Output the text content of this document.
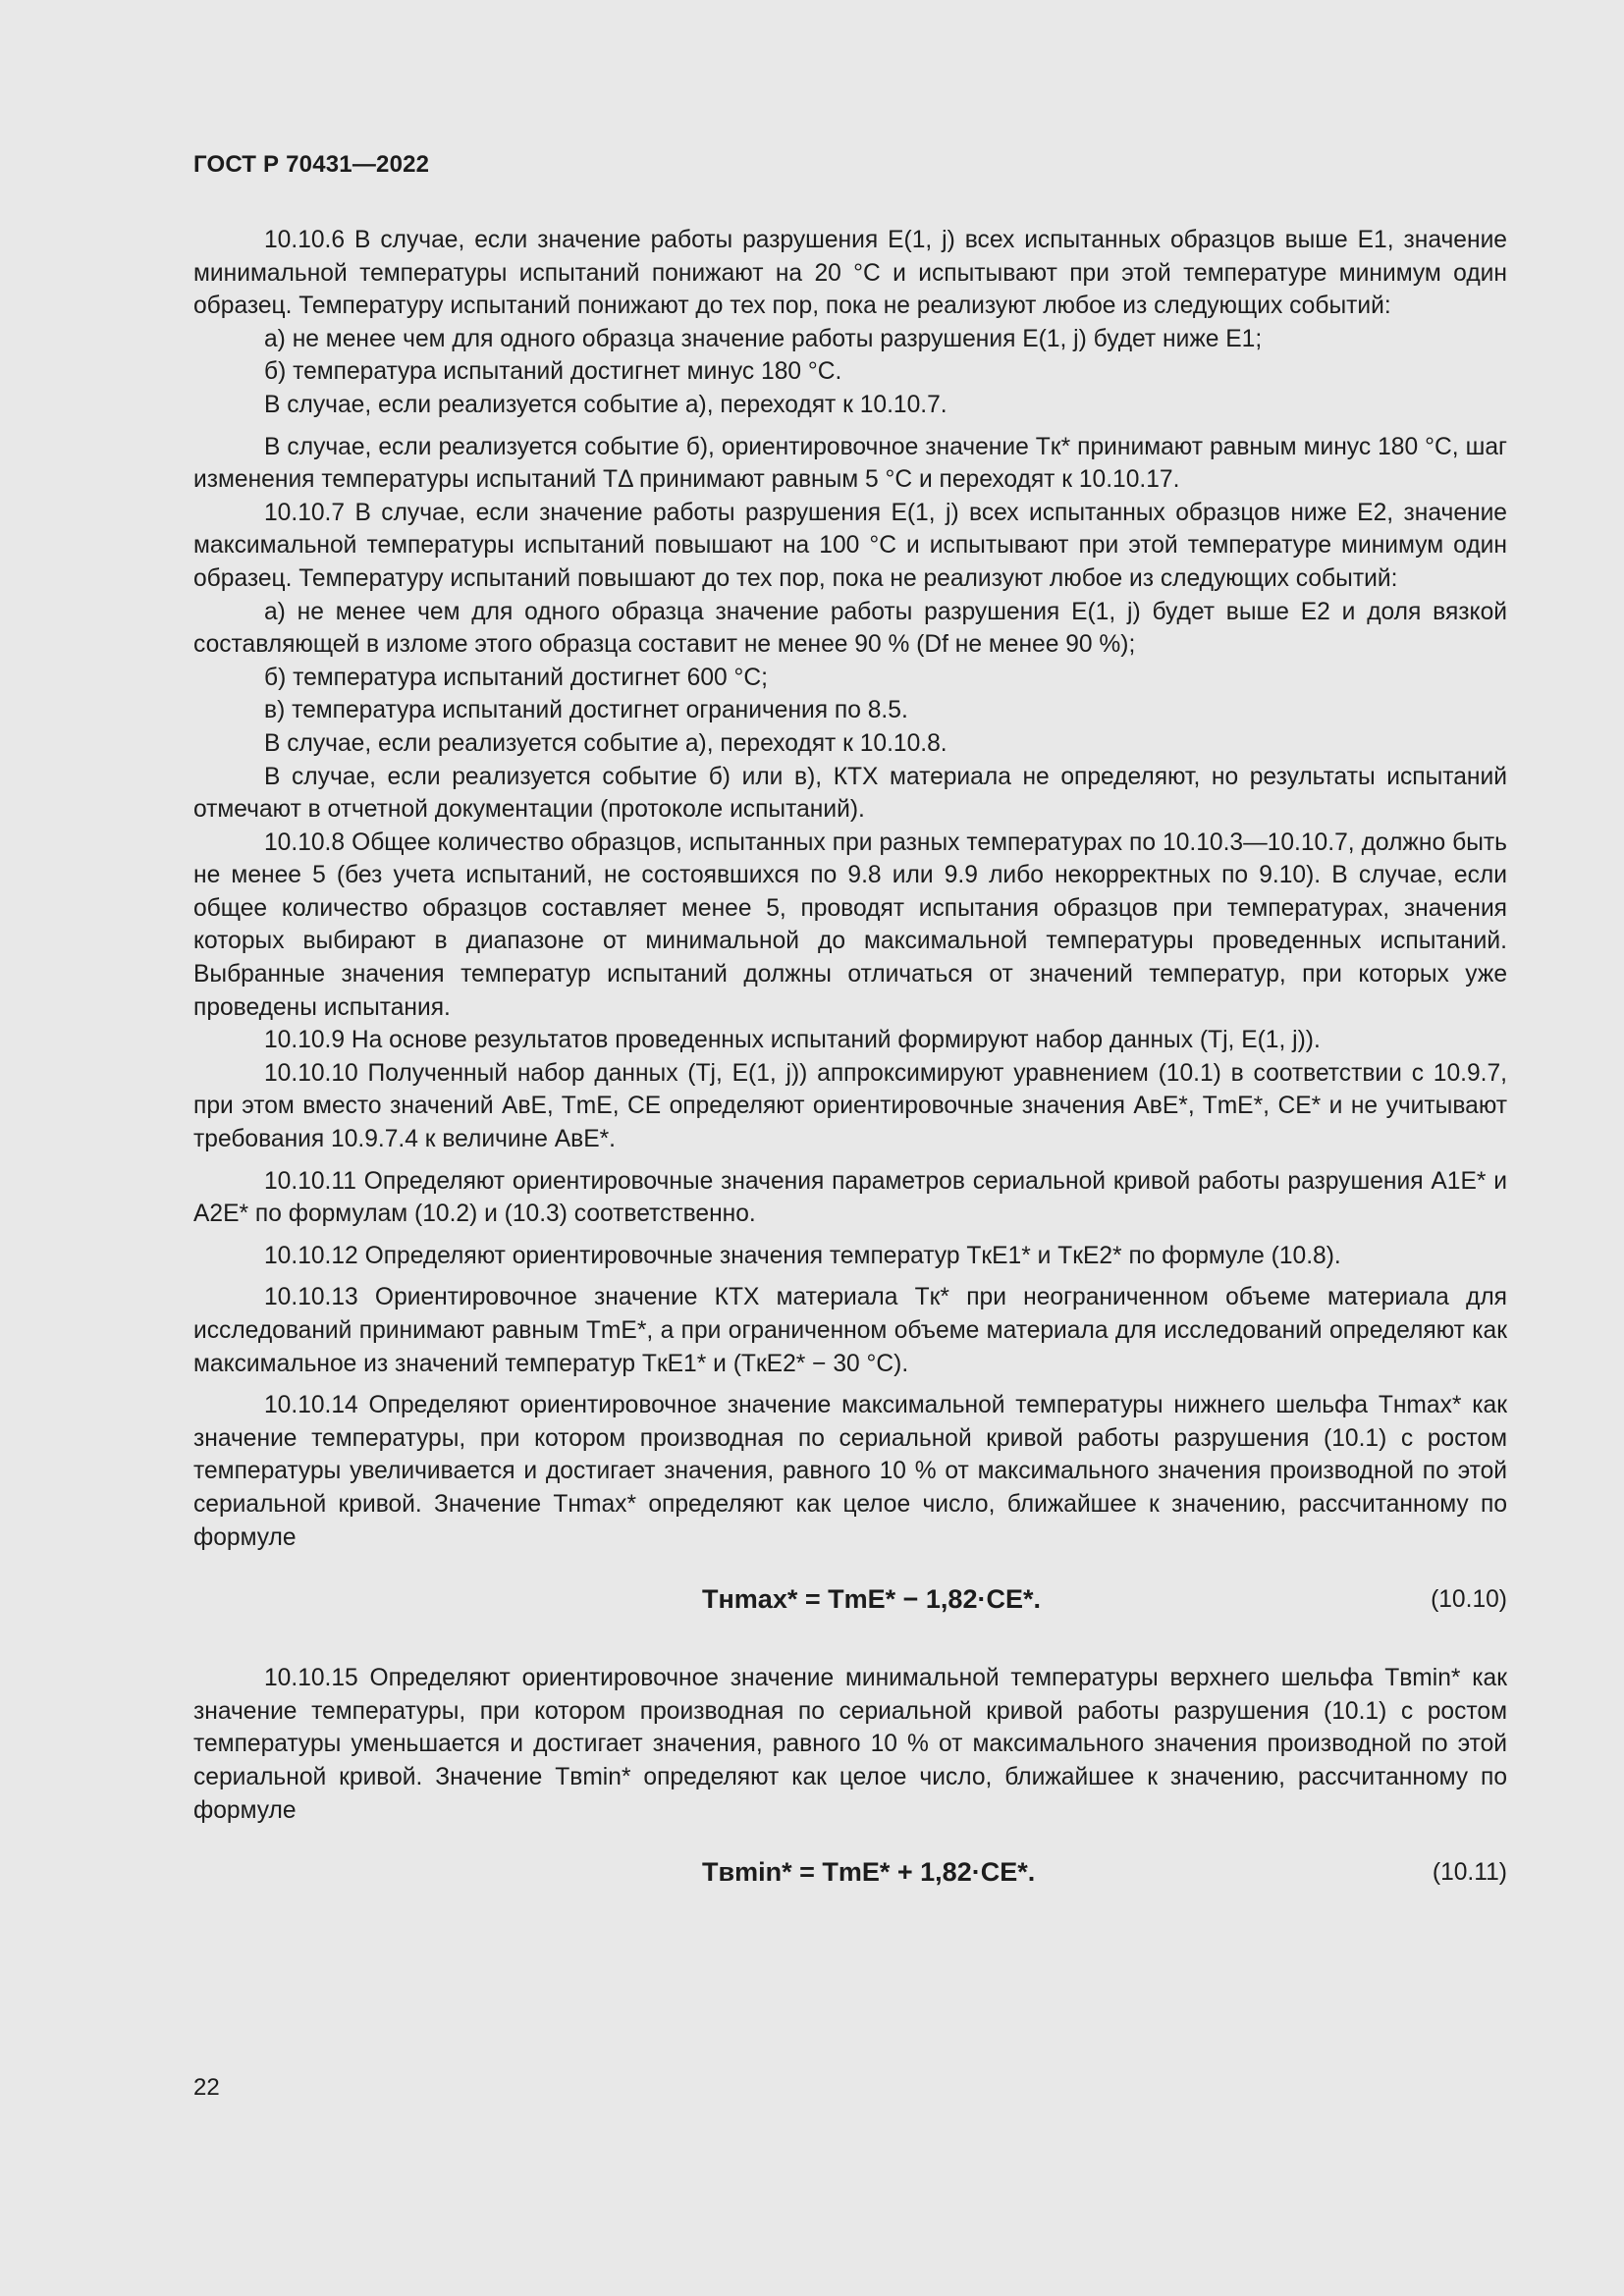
ГОСТ Р 70431—2022

10.10.6 В случае, если значение работы разрушения E(1, j) всех испытанных образцов выше E1, значение минимальной температуры испытаний понижают на 20 °С и испытывают при этой температуре минимум один образец. Температуру испытаний понижают до тех пор, пока не реализуют любое из следующих событий:

а) не менее чем для одного образца значение работы разрушения E(1, j) будет ниже E1;

б) температура испытаний достигнет минус 180 °С.

В случае, если реализуется событие а), переходят к 10.10.7.

В случае, если реализуется событие б), ориентировочное значение Tк* принимают равным минус 180 °С, шаг изменения температуры испытаний TΔ принимают равным 5 °С и переходят к 10.10.17.

10.10.7 В случае, если значение работы разрушения E(1, j) всех испытанных образцов ниже E2, значение максимальной температуры испытаний повышают на 100 °С и испытывают при этой температуре минимум один образец. Температуру испытаний повышают до тех пор, пока не реализуют любое из следующих событий:

а) не менее чем для одного образца значение работы разрушения E(1, j) будет выше E2 и доля вязкой составляющей в изломе этого образца составит не менее 90 % (Df не менее 90 %);

б) температура испытаний достигнет 600 °С;

в) температура испытаний достигнет ограничения по 8.5.

В случае, если реализуется событие а), переходят к 10.10.8.

В случае, если реализуется событие б) или в), КТХ материала не определяют, но результаты испытаний отмечают в отчетной документации (протоколе испытаний).

10.10.8 Общее количество образцов, испытанных при разных температурах по 10.10.3—10.10.7, должно быть не менее 5 (без учета испытаний, не состоявшихся по 9.8 или 9.9 либо некорректных по 9.10). В случае, если общее количество образцов составляет менее 5, проводят испытания образцов при температурах, значения которых выбирают в диапазоне от минимальной до максимальной температуры проведенных испытаний. Выбранные значения температур испытаний должны отличаться от значений температур, при которых уже проведены испытания.

10.10.9 На основе результатов проведенных испытаний формируют набор данных (Tj, E(1, j)).

10.10.10 Полученный набор данных (Tj, E(1, j)) аппроксимируют уравнением (10.1) в соответствии с 10.9.7, при этом вместо значений AвE, TmE, CE определяют ориентировочные значения AвE*, TmE*, CE* и не учитывают требования 10.9.7.4 к величине AвE*.

10.10.11 Определяют ориентировочные значения параметров сериальной кривой работы разрушения A1E* и A2E* по формулам (10.2) и (10.3) соответственно.

10.10.12 Определяют ориентировочные значения температур TкE1* и TкE2* по формуле (10.8).

10.10.13 Ориентировочное значение КТХ материала Tк* при неограниченном объеме материала для исследований принимают равным TmE*, а при ограниченном объеме материала для исследований определяют как максимальное из значений температур TкE1* и (TкE2* − 30 °С).

10.10.14 Определяют ориентировочное значение максимальной температуры нижнего шельфа Tнmax* как значение температуры, при котором производная по сериальной кривой работы разрушения (10.1) с ростом температуры увеличивается и достигает значения, равного 10 % от максимального значения производной по этой сериальной кривой. Значение Tнmax* определяют как целое число, ближайшее к значению, рассчитанному по формуле

Tнmax* = TmE* − 1,82·CE*.	(10.10)

10.10.15 Определяют ориентировочное значение минимальной температуры верхнего шельфа Tвmin* как значение температуры, при котором производная по сериальной кривой работы разрушения (10.1) с ростом температуры уменьшается и достигает значения, равного 10 % от максимального значения производной по этой сериальной кривой. Значение Tвmin* определяют как целое число, ближайшее к значению, рассчитанному по формуле

Tвmin* = TmE* + 1,82·CE*.	(10.11)
22
